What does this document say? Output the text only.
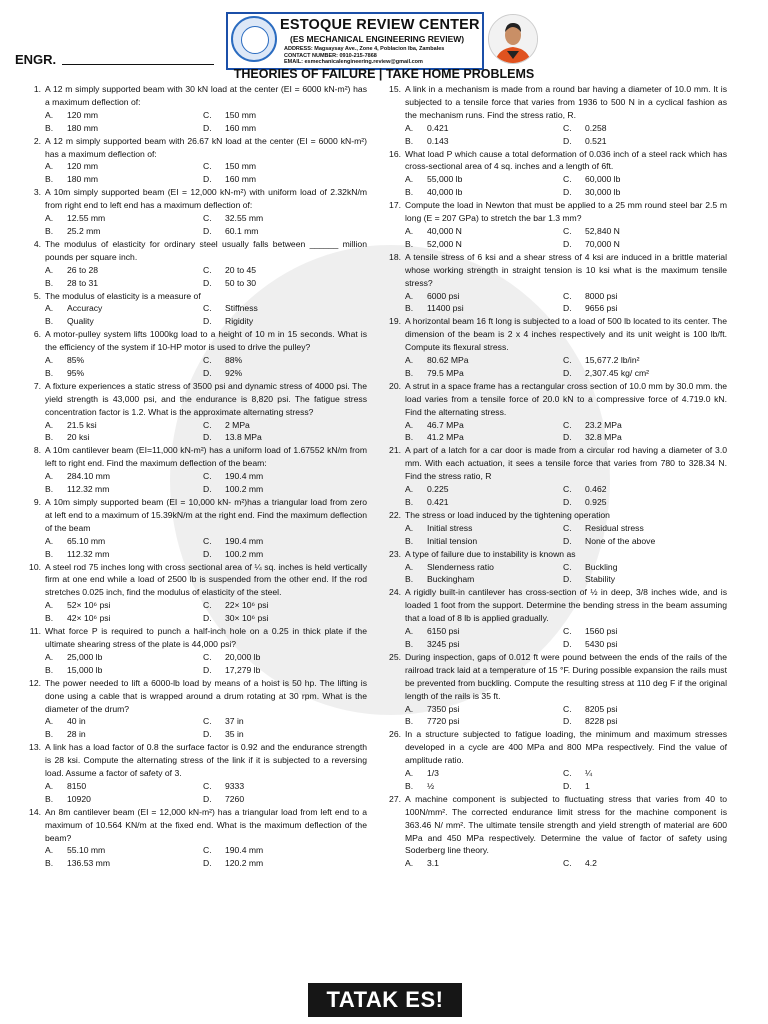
ESTOQUE REVIEW CENTER
(ES MECHANICAL ENGINEERING REVIEW)
ADDRESS: Magsaysay Ave., Zone 4, Poblacion Iba, Zambales
CONTACT NUMBER: 0910-215-7868
EMAIL: esmechanicalengineering.review@gmail.com
ENGR.
THEORIES OF FAILURE | TAKE HOME PROBLEMS
1. A 12 m simply supported beam with 30 kN load at the center (EI = 6000 kN-m²) has a maximum deflection of:
A.	120 mm	C.	150 mm
B.	180 mm	D.	160 mm
2. A 12 m simply supported beam with 26.67 kN load at the center (EI = 6000 kN-m²) has a maximum deflection of:
A.	120 mm	C.	150 mm
B.	180 mm	D.	160 mm
3. A 10m simply supported beam (EI = 12,000 kN-m²) with uniform load of 2.32kN/m from right end to left end has a maximum deflection of:
A.	12.55 mm	C.	32.55 mm
B.	25.2 mm	D.	60.1 mm
4. The modulus of elasticity for ordinary steel usually falls between ______ million pounds per square inch.
A.	26 to 28	C.	20 to 45
B.	28 to 31	D.	50 to 30
5. The modulus of elasticity is a measure of
A.	Accuracy	C.	Stiffness
B.	Quality	D.	Rigidity
6. A motor-pulley system lifts 1000kg load to a height of 10 m in 15 seconds. What is the efficiency of the system if 10-HP motor is used to drive the pulley?
A.	85%	C.	88%
B.	95%	D.	92%
7. A fixture experiences a static stress of 3500 psi and dynamic stress of 4000 psi. The yield strength is 43,000 psi, and the endurance is 8,820 psi. The fatigue stress concentration factor is 1.2. What is the approximate alternating stress?
A.	21.5 ksi	C.	2 MPa
B.	20 ksi	D.	13.8 MPa
8. A 10m cantilever beam (EI=11,000 kN-m²) has a uniform load of 1.67552 kN/m from left to right end. Find the maximum deflection of the beam:
A.	284.10 mm	C.	190.4 mm
B.	112.32 mm	D.	100.2 mm
9. A 10m simply supported beam (EI = 10,000 kN- m²)has a triangular load from zero at left end to a maximum of 15.39kN/m at the right end. Find the maximum deflection of the beam
A.	65.10 mm	C.	190.4 mm
B.	112.32 mm	D.	100.2 mm
10. A steel rod 75 inches long with cross sectional area of ¼ sq. inches is held vertically firm at one end while a load of 2500 lb is suspended from the other end. If the rod stretches 0.025 inch, find the modulus of elasticity of the steel.
A.	52× 10⁶ psi	C.	22× 10⁶ psi
B.	42× 10⁶ psi	D.	30× 10⁶ psi
11. What force P is required to punch a half-inch hole on a 0.25 in thick plate if the ultimate shearing stress of the plate is 44,000 psi?
A.	25,000 lb	C.	20,000 lb
B.	15,000 lb	D.	17,279 lb
12. The power needed to lift a 6000-lb load by means of a hoist is 50 hp. The lifting is done using a cable that is wrapped around a drum rotating at 30 rpm. What is the diameter of the drum?
A.	40 in	C.	37 in
B.	28 in	D.	35 in
13. A link has a load factor of 0.8 the surface factor is 0.92 and the endurance strength is 28 ksi. Compute the alternating stress of the link if it is subjected to a reversing load. Assume a factor of safety of 3.
A.	8150	C.	9333
B.	10920	D.	7260
14. An 8m cantilever beam (EI = 12,000 kN-m²) has a triangular load from left end to a maximum of 10.564 KN/m at the fixed end. What is the maximum deflection of the beam?
A.	55.10 mm	C.	190.4 mm
B.	136.53 mm	D.	120.2 mm
15. A link in a mechanism is made from a round bar having a diameter of 10.0 mm. It is subjected to a tensile force that varies from 1936 to 500 N in a cyclical fashion as the mechanism runs. Find the stress ratio, R.
A.	0.421	C.	0.258
B.	0.143	D.	0.521
16. What load P which cause a total deformation of 0.036 inch of a steel rack which has cross-sectional area of 4 sq. inches and a length of 6ft.
A.	55,000 lb	C.	60,000 lb
B.	40,000 lb	D.	30,000 lb
17. Compute the load in Newton that must be applied to a 25 mm round steel bar 2.5 m long (E = 207 GPa) to stretch the bar 1.3 mm?
A.	40,000 N	C.	52,840 N
B.	52,000 N	D.	70,000 N
18. A tensile stress of 6 ksi and a shear stress of 4 ksi are induced in a brittle material whose working strength in straight tension is 10 ksi what is the maximum tensile stress?
A.	6000 psi	C.	8000 psi
B.	11400 psi	D.	9656 psi
19. A horizontal beam 16 ft long is subjected to a load of 500 lb located to its center. The dimension of the beam is 2 x 4 inches respectively and its unit weight is 100 lb/ft. Compute its flexural stress.
A.	80.62 MPa	C.	15,677.2 lb/in²
B.	79.5 MPa	D.	2,307.45 kg/ cm²
20. A strut in a space frame has a rectangular cross section of 10.0 mm by 30.0 mm. the load varies from a tensile force of 20.0 kN to a compressive force of 4.719.0 kN. Find the alternating stress.
A.	46.7 MPa	C.	23.2 MPa
B.	41.2 MPa	D.	32.8 MPa
21. A part of a latch for a car door is made from a circular rod having a diameter of 3.0 mm. With each actuation, it sees a tensile force that varies from 780 to 328.34 N. Find the stress ratio, R
A.	0.225	C.	0.462
B.	0.421	D.	0.925
22. The stress or load induced by the tightening operation
A.	Initial stress	C.	Residual stress
B.	Initial tension	D.	None of the above
23. A type of failure due to instability is known as
A.	Slenderness ratio	C.	Buckling
B.	Buckingham	D.	Stability
24. A rigidly built-in cantilever has cross-section of ½ in deep, 3/8 inches wide, and is loaded 1 foot from the support. Determine the bending stress in the beam assuming that a load of 8 lb is applied gradually.
A.	6150 psi	C.	1560 psi
B.	3245 psi	D.	5430 psi
25. During inspection, gaps of 0.012 ft were pound between the ends of the rails of the railroad track laid at a temperature of 15 °F. During possible expansion the rails must be prevented from buckling. Compute the resulting stress at 110 deg F if the original length of the rails is 35 ft.
A.	7350 psi	C.	8205 psi
B.	7720 psi	D.	8228 psi
26. In a structure subjected to fatigue loading, the minimum and maximum stresses developed in a cycle are 400 MPa and 800 MPa respectively. Find the value of amplitude ratio.
A.	1/3	C.	¼
B.	½	D.	1
27. A machine component is subjected to fluctuating stress that varies from 40 to 100N/mm². The corrected endurance limit stress for the machine component is 363.46 N/ mm². The ultimate tensile strength and yield strength of material are 600 MPa and 450 MPa respectively. Determine the value of factor of safety using Soderberg line theory.
A.	3.1	C.	4.2
TATAK ES!
